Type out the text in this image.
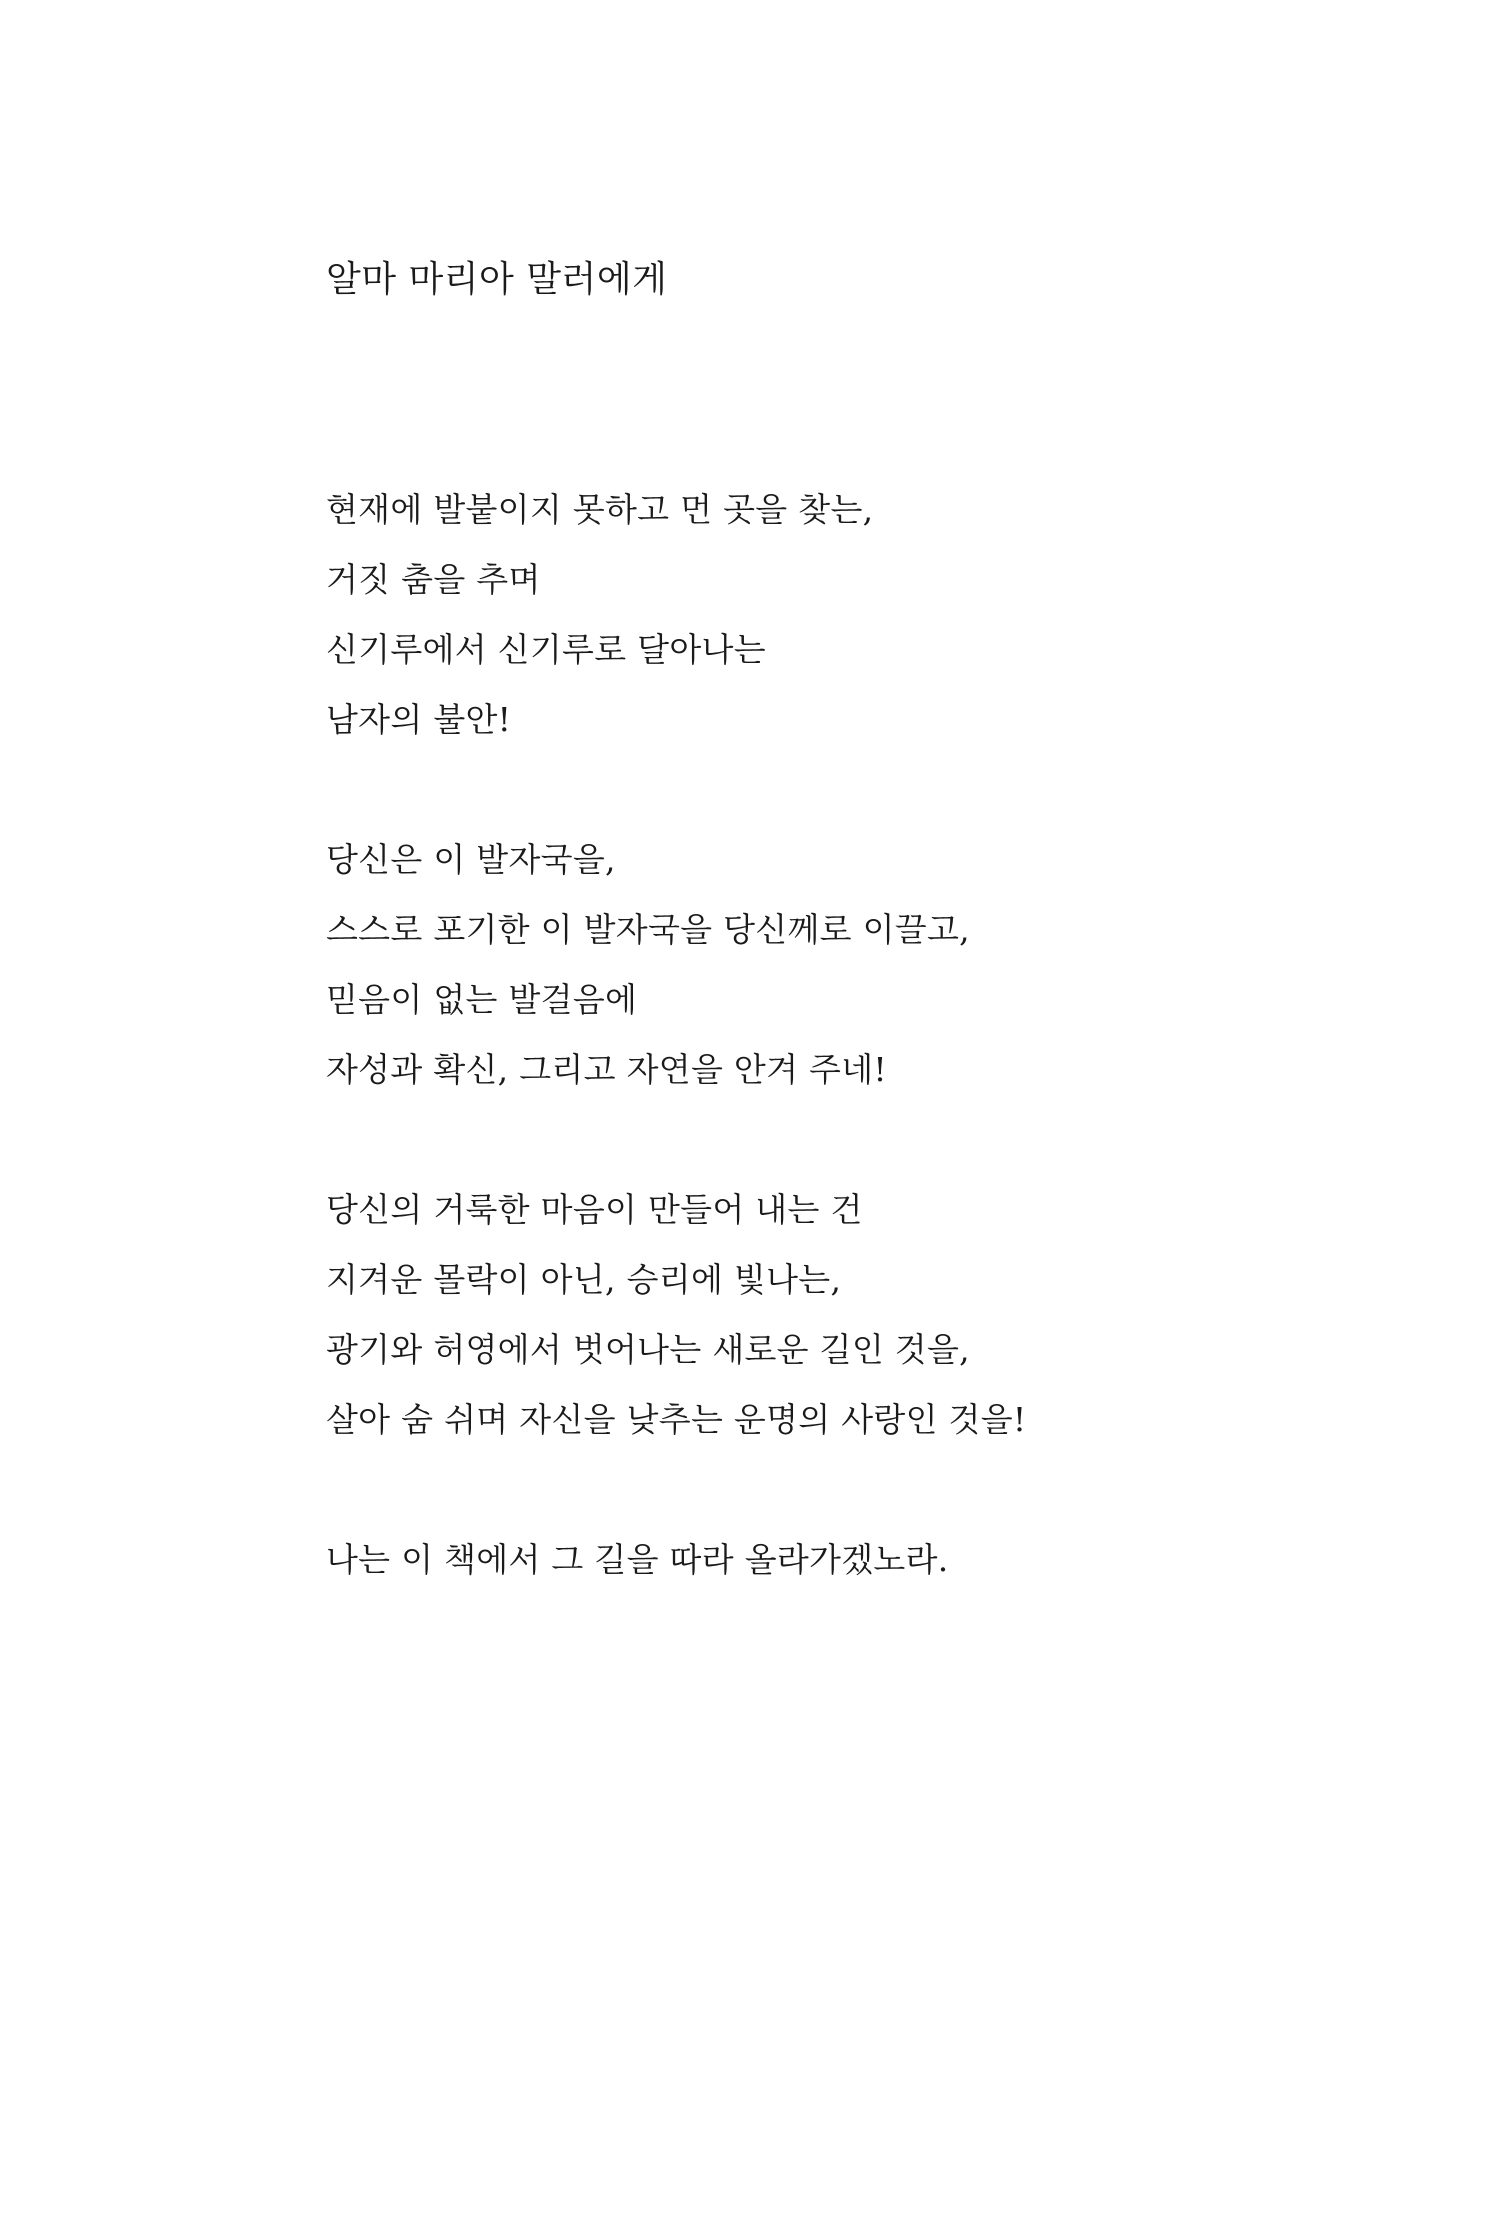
알마 마리아 말러에게
현재에 발붙이지 못하고 먼 곳을 찾는,
거짓 춤을 추며
신기루에서 신기루로 달아나는
남자의 불안!
당신은 이 발자국을,
스스로 포기한 이 발자국을 당신께로 이끌고,
믿음이 없는 발걸음에
자성과 확신, 그리고 자연을 안겨 주네!
당신의 거룩한 마음이 만들어 내는 건
지겨운 몰락이 아닌, 승리에 빛나는,
광기와 허영에서 벗어나는 새로운 길인 것을,
살아 숨 쉬며 자신을 낮추는 운명의 사랑인 것을!
나는 이 책에서 그 길을 따라 올라가겠노라.
